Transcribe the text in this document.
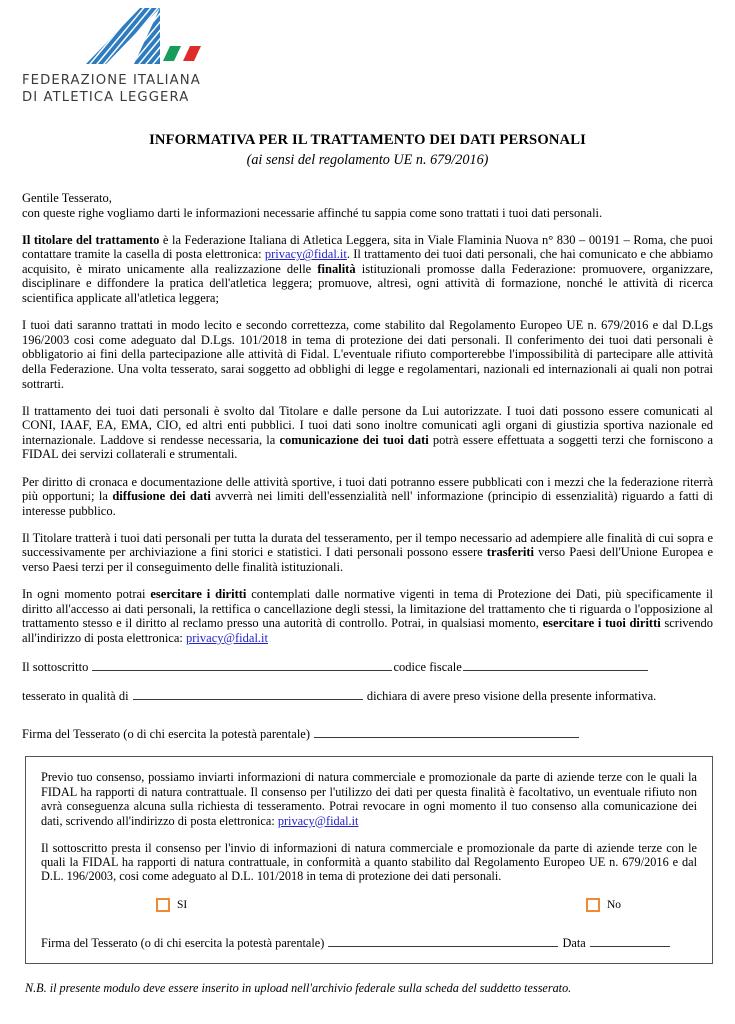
FEDERAZIONE ITALIANA
DI ATLETICA LEGGERA
INFORMATIVA PER IL TRATTAMENTO DEI DATI PERSONALI
(ai sensi del regolamento UE n. 679/2016)

Gentile Tesserato,
con queste righe vogliamo darti le informazioni necessarie affinché tu sappia come sono trattati i tuoi dati personali.

Il titolare del trattamento è la Federazione Italiana di Atletica Leggera, sita in Viale Flaminia Nuova n° 830 – 00191 – Roma, che puoi contattare tramite la casella di posta elettronica: privacy@fidal.it. Il trattamento dei tuoi dati personali, che hai comunicato e che abbiamo acquisito, è mirato unicamente alla realizzazione delle finalità istituzionali promosse dalla Federazione: promuovere, organizzare, disciplinare e diffondere la pratica dell'atletica leggera; promuove, altresì, ogni attività di formazione, nonché le attività di ricerca scientifica applicate all'atletica leggera;

I tuoi dati saranno trattati in modo lecito e secondo correttezza, come stabilito dal Regolamento Europeo UE n. 679/2016 e dal D.Lgs 196/2003 cosi come adeguato dal D.Lgs. 101/2018 in tema di protezione dei dati personali. Il conferimento dei tuoi dati personali è obbligatorio ai fini della partecipazione alle attività di Fidal. L'eventuale rifiuto comporterebbe l'impossibilità di partecipare alle attività della Federazione. Una volta tesserato, sarai soggetto ad obblighi di legge e regolamentari, nazionali ed internazionali ai quali non potrai sottrarti.

Il trattamento dei tuoi dati personali è svolto dal Titolare e dalle persone da Lui autorizzate. I tuoi dati possono essere comunicati al CONI, IAAF, EA, EMA, CIO, ed altri enti pubblici. I tuoi dati sono inoltre comunicati agli organi di giustizia sportiva nazionale ed internazionale. Laddove si rendesse necessaria, la comunicazione dei tuoi dati potrà essere effettuata a soggetti terzi che forniscono a FIDAL dei servizi collaterali e strumentali.

Per diritto di cronaca e documentazione delle attività sportive, i tuoi dati potranno essere pubblicati con i mezzi che la federazione riterrà più opportuni; la diffusione dei dati avverrà nei limiti dell'essenzialità nell' informazione (principio di essenzialità) riguardo a fatti di interesse pubblico.

Il Titolare tratterà i tuoi dati personali per tutta la durata del tesseramento, per il tempo necessario ad adempiere alle finalità di cui sopra e successivamente per archiviazione a fini storici e statistici. I dati personali possono essere trasferiti verso Paesi dell'Unione Europea e verso Paesi terzi per il conseguimento delle finalità istituzionali.

In ogni momento potrai esercitare i diritti contemplati dalle normative vigenti in tema di Protezione dei Dati, più specificamente il diritto all'accesso ai dati personali, la rettifica o cancellazione degli stessi, la limitazione del trattamento che ti riguarda o l'opposizione al trattamento stesso e il diritto al reclamo presso una autorità di controllo. Potrai, in qualsiasi momento, esercitare i tuoi diritti scrivendo all'indirizzo di posta elettronica: privacy@fidal.it

Il sottoscritto	codice fiscale
tesserato in qualità di	dichiara di avere preso visione della presente informativa.
Firma del Tesserato (o di chi esercita la potestà parentale)

Previo tuo consenso, possiamo inviarti informazioni di natura commerciale e promozionale da parte di aziende terze con le quali la FIDAL ha rapporti di natura contrattuale. Il consenso per l'utilizzo dei dati per questa finalità è facoltativo, un eventuale rifiuto non avrà conseguenza alcuna sulla richiesta di tesseramento. Potrai revocare in ogni momento il tuo consenso alla comunicazione dei dati, scrivendo all'indirizzo di posta elettronica: privacy@fidal.it

Il sottoscritto presta il consenso per l'invio di informazioni di natura commerciale e promozionale da parte di aziende terze con le quali la FIDAL ha rapporti di natura contrattuale, in conformità a quanto stabilito dal Regolamento Europeo UE n. 679/2016 e dal D.L. 196/2003, cosi come adeguato al D.L. 101/2018 in tema di protezione dei dati personali.

SI	No
Firma del Tesserato (o di chi esercita la potestà parentale)	Data
N.B. il presente modulo deve essere inserito in upload nell'archivio federale sulla scheda del suddetto tesserato.
